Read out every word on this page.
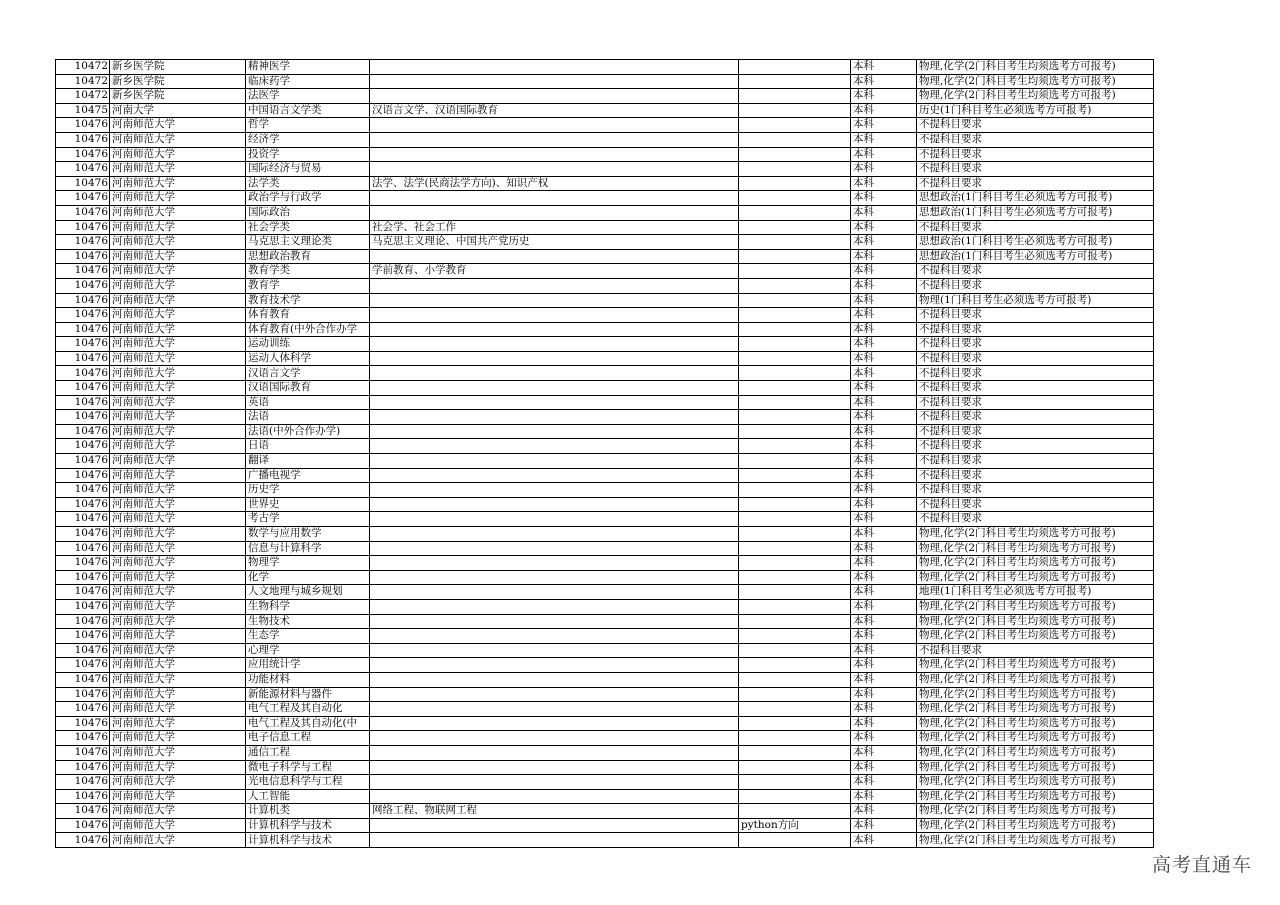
10472	新乡医学院	精神医学			本科	物理,化学(2门科目考生均须选考方可报考)
10472	新乡医学院	临床药学			本科	物理,化学(2门科目考生均须选考方可报考)
10472	新乡医学院	法医学			本科	物理,化学(2门科目考生均须选考方可报考)
10475	河南大学	中国语言文学类	汉语言文学、汉语国际教育		本科	历史(1门科目考生必须选考方可报考)
10476	河南师范大学	哲学			本科	不提科目要求
10476	河南师范大学	经济学			本科	不提科目要求
10476	河南师范大学	投资学			本科	不提科目要求
10476	河南师范大学	国际经济与贸易			本科	不提科目要求
10476	河南师范大学	法学类	法学、法学(民商法学方向)、知识产权		本科	不提科目要求
10476	河南师范大学	政治学与行政学			本科	思想政治(1门科目考生必须选考方可报考)
10476	河南师范大学	国际政治			本科	思想政治(1门科目考生必须选考方可报考)
10476	河南师范大学	社会学类	社会学、社会工作		本科	不提科目要求
10476	河南师范大学	马克思主义理论类	马克思主义理论、中国共产党历史		本科	思想政治(1门科目考生必须选考方可报考)
10476	河南师范大学	思想政治教育			本科	思想政治(1门科目考生必须选考方可报考)
10476	河南师范大学	教育学类	学前教育、小学教育		本科	不提科目要求
10476	河南师范大学	教育学			本科	不提科目要求
10476	河南师范大学	教育技术学			本科	物理(1门科目考生必须选考方可报考)
10476	河南师范大学	体育教育			本科	不提科目要求
10476	河南师范大学	体育教育(中外合作办学			本科	不提科目要求
10476	河南师范大学	运动训练			本科	不提科目要求
10476	河南师范大学	运动人体科学			本科	不提科目要求
10476	河南师范大学	汉语言文学			本科	不提科目要求
10476	河南师范大学	汉语国际教育			本科	不提科目要求
10476	河南师范大学	英语			本科	不提科目要求
10476	河南师范大学	法语			本科	不提科目要求
10476	河南师范大学	法语(中外合作办学)			本科	不提科目要求
10476	河南师范大学	日语			本科	不提科目要求
10476	河南师范大学	翻译			本科	不提科目要求
10476	河南师范大学	广播电视学			本科	不提科目要求
10476	河南师范大学	历史学			本科	不提科目要求
10476	河南师范大学	世界史			本科	不提科目要求
10476	河南师范大学	考古学			本科	不提科目要求
10476	河南师范大学	数学与应用数学			本科	物理,化学(2门科目考生均须选考方可报考)
10476	河南师范大学	信息与计算科学			本科	物理,化学(2门科目考生均须选考方可报考)
10476	河南师范大学	物理学			本科	物理,化学(2门科目考生均须选考方可报考)
10476	河南师范大学	化学			本科	物理,化学(2门科目考生均须选考方可报考)
10476	河南师范大学	人文地理与城乡规划			本科	地理(1门科目考生必须选考方可报考)
10476	河南师范大学	生物科学			本科	物理,化学(2门科目考生均须选考方可报考)
10476	河南师范大学	生物技术			本科	物理,化学(2门科目考生均须选考方可报考)
10476	河南师范大学	生态学			本科	物理,化学(2门科目考生均须选考方可报考)
10476	河南师范大学	心理学			本科	不提科目要求
10476	河南师范大学	应用统计学			本科	物理,化学(2门科目考生均须选考方可报考)
10476	河南师范大学	功能材料			本科	物理,化学(2门科目考生均须选考方可报考)
10476	河南师范大学	新能源材料与器件			本科	物理,化学(2门科目考生均须选考方可报考)
10476	河南师范大学	电气工程及其自动化			本科	物理,化学(2门科目考生均须选考方可报考)
10476	河南师范大学	电气工程及其自动化(中			本科	物理,化学(2门科目考生均须选考方可报考)
10476	河南师范大学	电子信息工程			本科	物理,化学(2门科目考生均须选考方可报考)
10476	河南师范大学	通信工程			本科	物理,化学(2门科目考生均须选考方可报考)
10476	河南师范大学	微电子科学与工程			本科	物理,化学(2门科目考生均须选考方可报考)
10476	河南师范大学	光电信息科学与工程			本科	物理,化学(2门科目考生均须选考方可报考)
10476	河南师范大学	人工智能			本科	物理,化学(2门科目考生均须选考方可报考)
10476	河南师范大学	计算机类	网络工程、物联网工程		本科	物理,化学(2门科目考生均须选考方可报考)
10476	河南师范大学	计算机科学与技术		python方向	本科	物理,化学(2门科目考生均须选考方可报考)
10476	河南师范大学	计算机科学与技术			本科	物理,化学(2门科目考生均须选考方可报考)
高考直通车
